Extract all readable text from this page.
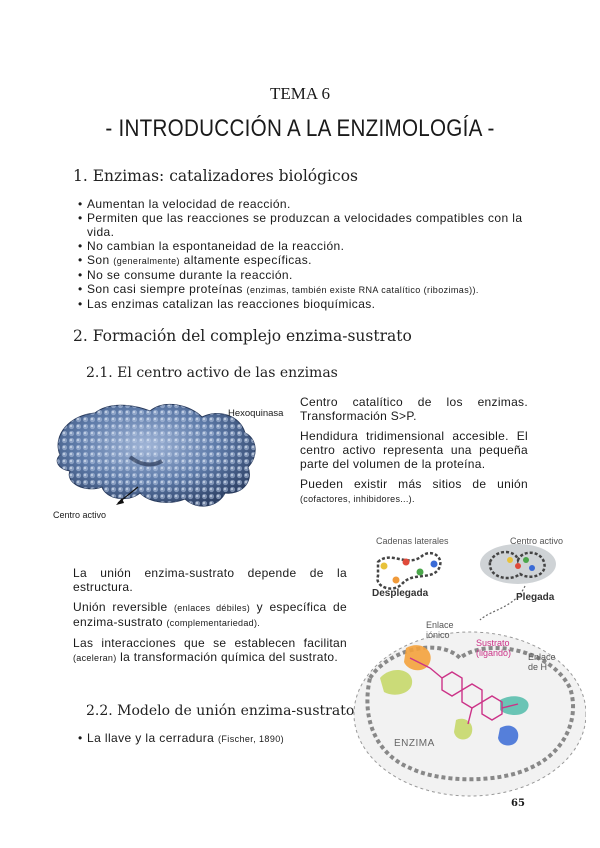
TEMA 6
- INTRODUCCIÓN A LA ENZIMOLOGÍA -
1. Enzimas: catalizadores biológicos
• Aumentan la velocidad de reacción.
• Permiten que las reacciones se produzcan a velocidades compatibles con la vida.
• No cambian la espontaneidad de la reacción.
• Son (generalmente) altamente específicas.
• No se consume durante la reacción.
• Son casi siempre proteínas (enzimas, también existe RNA catalítico (ribozimas)).
• Las enzimas catalizan las reacciones bioquímicas.
2. Formación del complejo enzima-sustrato
2.1. El centro activo de las enzimas
Hexoquinasa
Centro activo

Centro catalítico de los enzimas. Transformación S>P.

Hendidura tridimensional accesible. El centro activo representa una pequeña parte del volumen de la proteína.

Pueden existir más sitios de unión (cofactores, inhibidores...).

La unión enzima-sustrato depende de la estructura.

Unión reversible (enlaces débiles) y específica de enzima-sustrato (complementariedad).

Las interacciones que se establecen facilitan (aceleran) la transformación química del sustrato.

2.2. Modelo de unión enzima-sustrato
• La llave y la cerradura (Fischer, 1890)
Cadenas laterales	Centro activo
Desplegada	Plegada
Enlace iónico
Sustrato (ligando)	Enlace de H
ENZIMA
65
